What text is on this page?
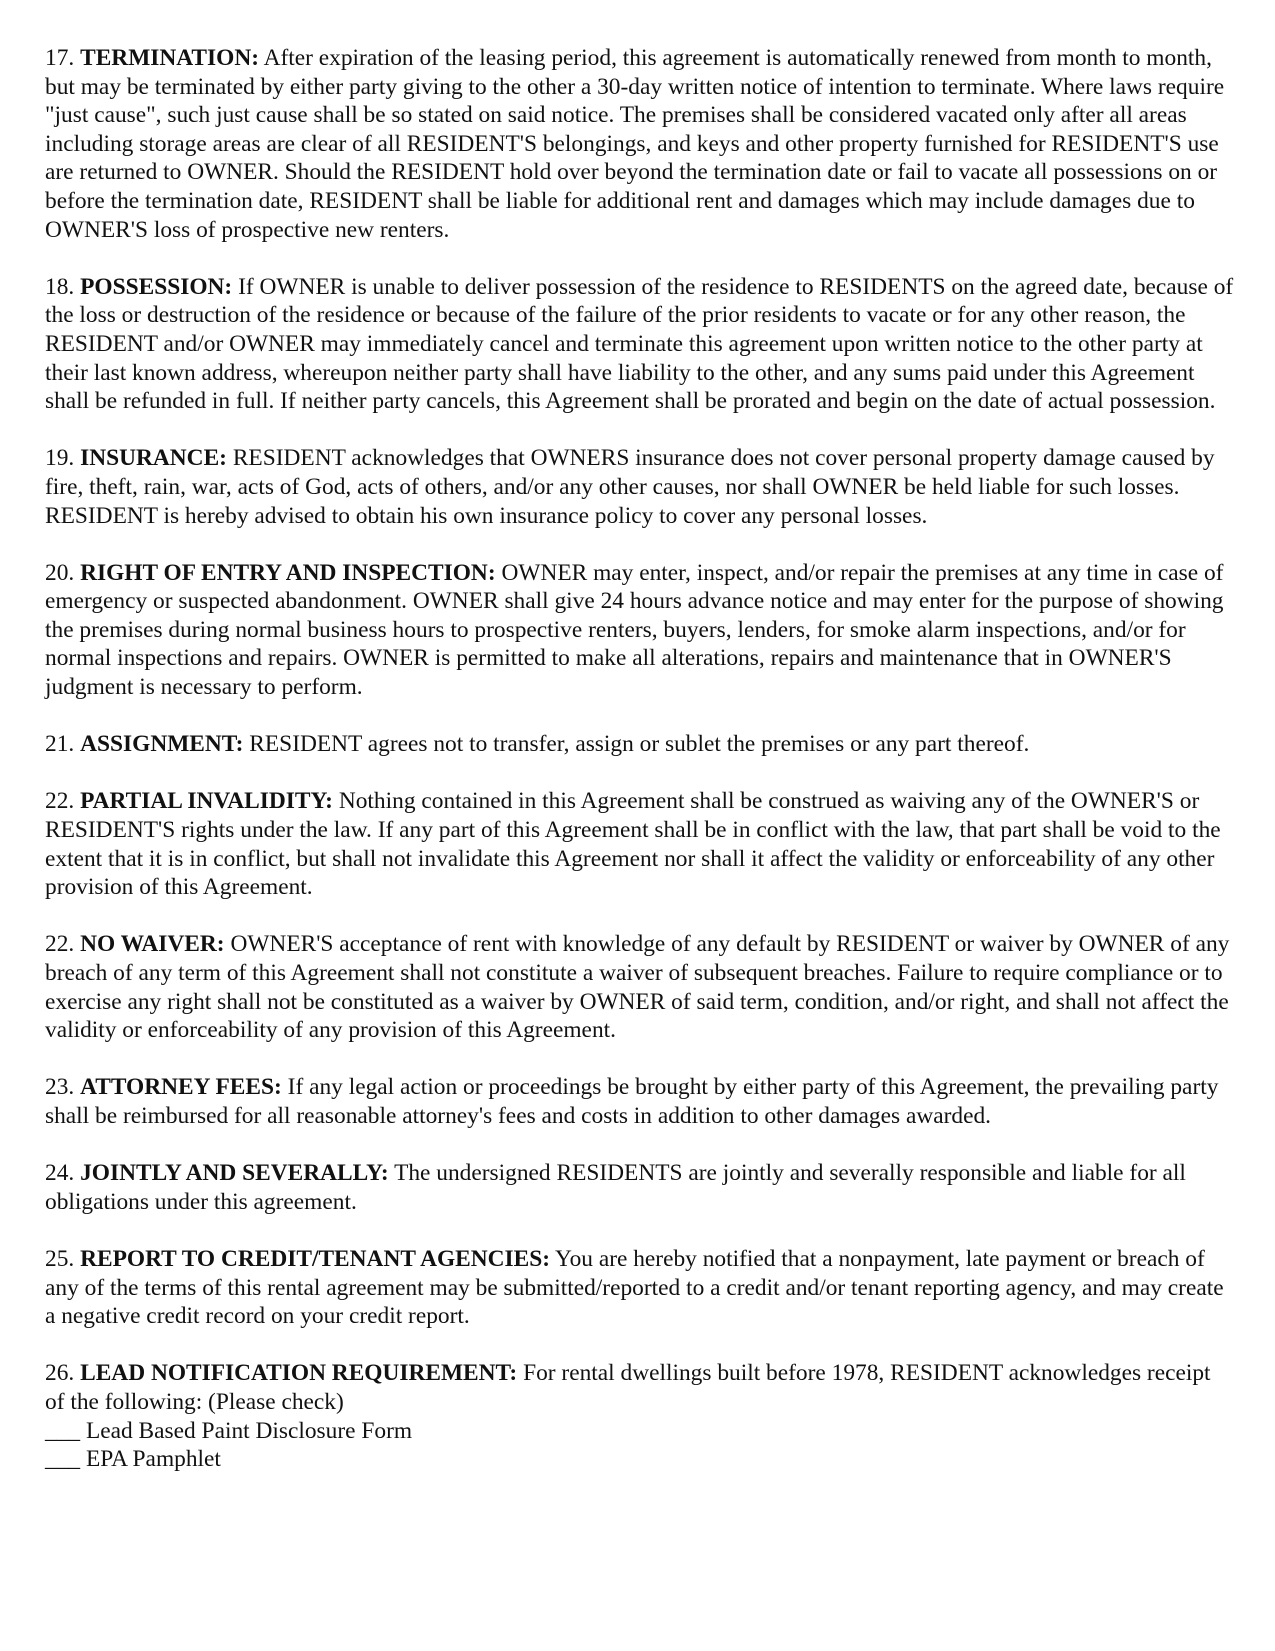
17. TERMINATION: After expiration of the leasing period, this agreement is automatically renewed from month to month, but may be terminated by either party giving to the other a 30-day written notice of intention to terminate. Where laws require "just cause", such just cause shall be so stated on said notice. The premises shall be considered vacated only after all areas including storage areas are clear of all RESIDENT'S belongings, and keys and other property furnished for RESIDENT'S use are returned to OWNER. Should the RESIDENT hold over beyond the termination date or fail to vacate all possessions on or before the termination date, RESIDENT shall be liable for additional rent and damages which may include damages due to OWNER'S loss of prospective new renters.

18. POSSESSION: If OWNER is unable to deliver possession of the residence to RESIDENTS on the agreed date, because of the loss or destruction of the residence or because of the failure of the prior residents to vacate or for any other reason, the RESIDENT and/or OWNER may immediately cancel and terminate this agreement upon written notice to the other party at their last known address, whereupon neither party shall have liability to the other, and any sums paid under this Agreement shall be refunded in full. If neither party cancels, this Agreement shall be prorated and begin on the date of actual possession.

19. INSURANCE: RESIDENT acknowledges that OWNERS insurance does not cover personal property damage caused by fire, theft, rain, war, acts of God, acts of others, and/or any other causes, nor shall OWNER be held liable for such losses. RESIDENT is hereby advised to obtain his own insurance policy to cover any personal losses.

20. RIGHT OF ENTRY AND INSPECTION: OWNER may enter, inspect, and/or repair the premises at any time in case of emergency or suspected abandonment. OWNER shall give 24 hours advance notice and may enter for the purpose of showing the premises during normal business hours to prospective renters, buyers, lenders, for smoke alarm inspections, and/or for normal inspections and repairs. OWNER is permitted to make all alterations, repairs and maintenance that in OWNER'S judgment is necessary to perform.

21. ASSIGNMENT: RESIDENT agrees not to transfer, assign or sublet the premises or any part thereof.

22. PARTIAL INVALIDITY: Nothing contained in this Agreement shall be construed as waiving any of the OWNER'S or RESIDENT'S rights under the law. If any part of this Agreement shall be in conflict with the law, that part shall be void to the extent that it is in conflict, but shall not invalidate this Agreement nor shall it affect the validity or enforceability of any other provision of this Agreement.

22. NO WAIVER: OWNER'S acceptance of rent with knowledge of any default by RESIDENT or waiver by OWNER of any breach of any term of this Agreement shall not constitute a waiver of subsequent breaches. Failure to require compliance or to exercise any right shall not be constituted as a waiver by OWNER of said term, condition, and/or right, and shall not affect the validity or enforceability of any provision of this Agreement.

23. ATTORNEY FEES: If any legal action or proceedings be brought by either party of this Agreement, the prevailing party shall be reimbursed for all reasonable attorney's fees and costs in addition to other damages awarded.

24. JOINTLY AND SEVERALLY: The undersigned RESIDENTS are jointly and severally responsible and liable for all obligations under this agreement.

25. REPORT TO CREDIT/TENANT AGENCIES: You are hereby notified that a nonpayment, late payment or breach of any of the terms of this rental agreement may be submitted/reported to a credit and/or tenant reporting agency, and may create a negative credit record on your credit report.

26. LEAD NOTIFICATION REQUIREMENT: For rental dwellings built before 1978, RESIDENT acknowledges receipt of the following: (Please check)

___ Lead Based Paint Disclosure Form

___ EPA Pamphlet
